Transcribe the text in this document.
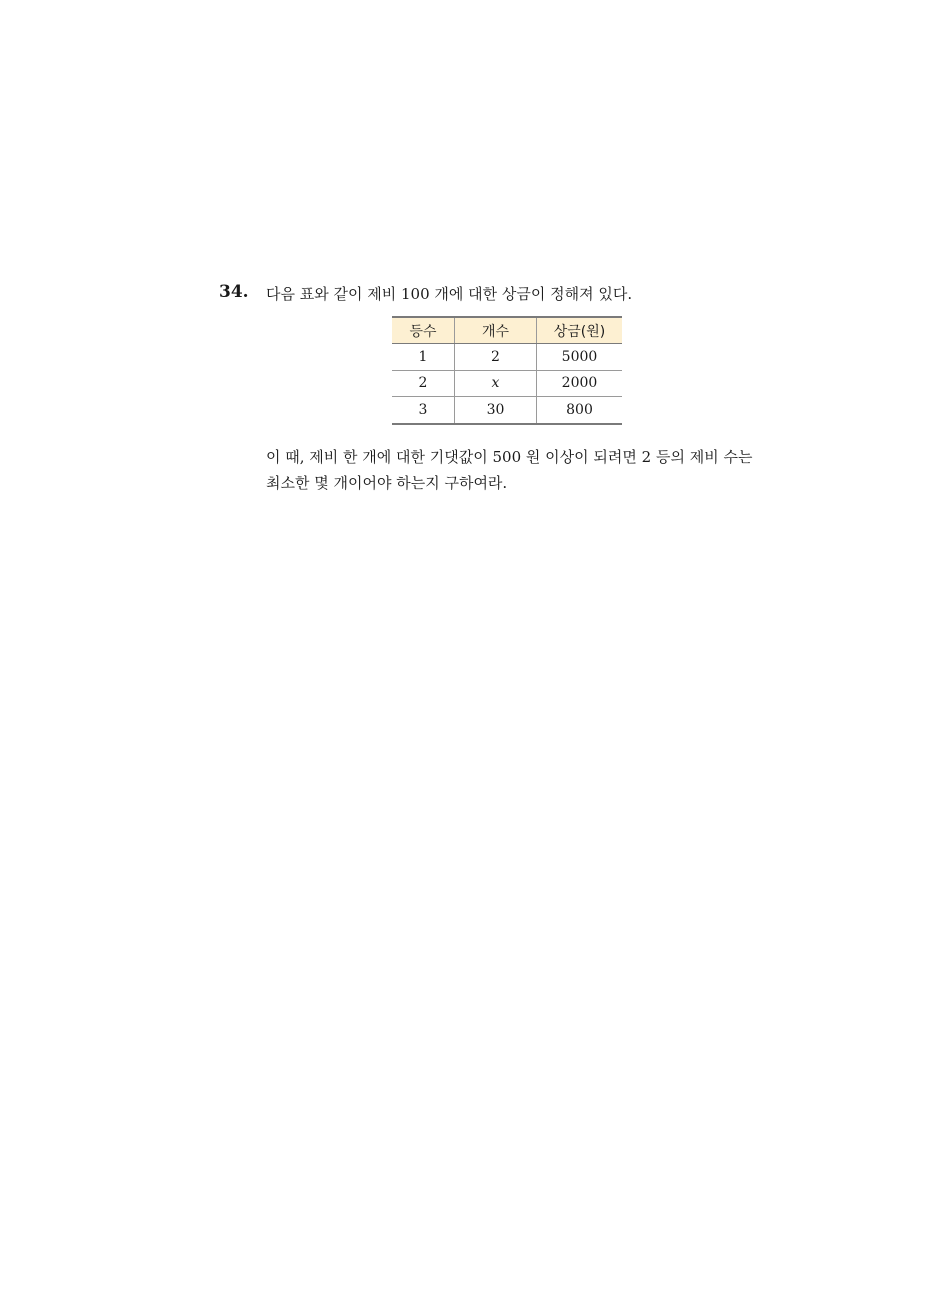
34. 다음 표와 같이 제비 100 개에 대한 상금이 정해져 있다.
등수	개수	상금(원)
1	2	5000
2	x	2000
3	30	800
이 때, 제비 한 개에 대한 기댓값이 500 원 이상이 되려면 2 등의 제비 수는
최소한 몇 개이어야 하는지 구하여라.
